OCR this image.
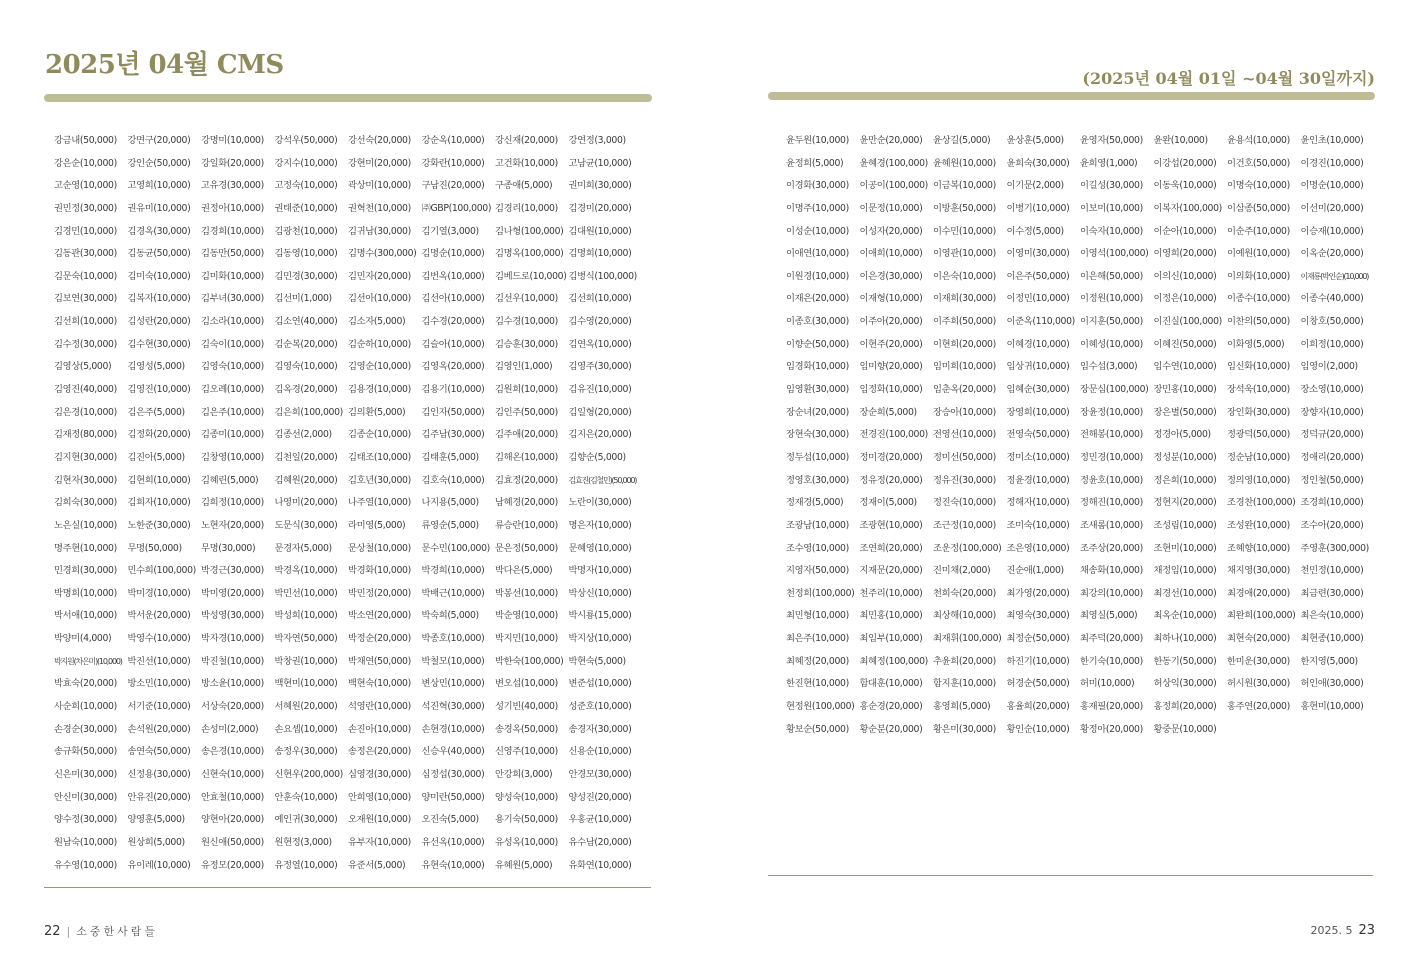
2025년 04월 CMS
강금내(50,000)	강면구(20,000)	강명미(10,000)	강석우(50,000)	강선숙(20,000)	강순옥(10,000)	강신재(20,000)	강연정(3,000)
강은순(10,000)	강인순(50,000)	강일화(20,000)	강지수(10,000)	강현미(20,000)	강화란(10,000)	고건화(10,000)	고남균(10,000)
고순영(10,000)	고영희(10,000)	고유경(30,000)	고정숙(10,000)	곽상미(10,000)	구남진(20,000)	구종애(5,000)	권미희(30,000)
권민정(30,000)	권유미(10,000)	권정아(10,000)	권태준(10,000)	권혁천(10,000)	㈜GBP(100,000) 김경리(10,000)	김경미(20,000)
김경민(10,000)	김경옥(30,000)	김경희(10,000)	김광천(10,000)	김귀남(30,000)	김기열(3,000)	김나형(100,000) 김대원(10,000)
김동관(30,000)	김동균(50,000)	김동만(50,000)	김동영(10,000)	김명수(300,000) 김명순(10,000)	김명옥(100,000) 김명희(10,000)
김문숙(10,000)	김미숙(10,000)	김미화(10,000)	김민경(30,000)	김민자(20,000)	김번옥(10,000)	김베드로(10,000) 김병식(100,000)
김보연(30,000)	김복자(10,000)	김부녀(30,000)	김선미(1,000)	김선아(10,000)	김선아(10,000)	김선우(10,000)	김선희(10,000)
김선희(10,000)	김성란(20,000)	김소라(10,000)	김소연(40,000)	김소자(5,000)	김수경(20,000)	김수경(10,000)	김수영(20,000)
김수정(30,000)	김수현(30,000)	김숙이(10,000)	김순복(20,000)	김순하(10,000)	김슬아(10,000)	김승훈(30,000)	김연옥(10,000)
김영상(5,000)	김영성(5,000)	김영숙(10,000)	김영숙(10,000)	김영순(10,000)	김영옥(20,000)	김영인(1,000)	김영주(30,000)
김영진(40,000)	김영진(10,000)	김오례(10,000)	김옥경(20,000)	김용경(10,000)	김용기(10,000)	김원희(10,000)	김유진(10,000)
김은경(10,000)	김은주(5,000)	김은주(10,000)	김은희(100,000) 김의환(5,000)	김인자(50,000)	김인주(50,000)	김일형(20,000)
김재정(80,000)	김정화(20,000)	김종미(10,000)	김종선(2,000)	김종순(10,000)	김주남(30,000)	김주애(20,000)	김지은(20,000)
김지현(30,000)	김진아(5,000)	김창영(10,000)	김천일(20,000)	김태조(10,000)	김태훈(5,000)	김해온(10,000)	김향순(5,000)
김현자(30,000)	김현희(10,000)	김혜린(5,000)	김혜원(20,000)	김호년(30,000)	김호숙(10,000)	김효정(20,000)	김효진(김철민)(50,000)
김희숙(30,000)	김희자(10,000)	김희정(10,000)	나영미(20,000)	나주열(10,000)	나지용(5,000)	남혜경(20,000)	노란이(30,000)
노은실(10,000)	노한준(30,000)	노현자(20,000)	도문식(30,000)	라미영(5,000)	류영순(5,000)	류승란(10,000)	명은자(10,000)
명주현(10,000)	무명(50,000)	무명(30,000)	문경자(5,000)	문상철(10,000)	문수민(100,000) 문은정(50,000)	문혜영(10,000)
민경희(30,000)	민수희(100,000) 박경근(30,000)	박경옥(10,000)	박경화(10,000)	박경희(10,000)	박다은(5,000)	박명자(10,000)
박명희(10,000)	박미경(10,000)	박미영(20,000)	박민선(10,000)	박민정(20,000)	박배근(10,000)	박봉선(10,000)	박상신(10,000)
박서애(10,000)	박서운(20,000)	박성영(30,000)	박성희(10,000)	박소연(20,000)	박숙희(5,000)	박순영(10,000)	박시룡(15,000)
박양미(4,000)	박영수(10,000)	박자경(10,000)	박자연(50,000)	박정순(20,000)	박종호(10,000)	박지민(10,000)	박지상(10,000)
박지원(차은미)(10,000) 박진선(10,000)	박진철(10,000)	박창권(10,000)	박채연(50,000)	박철모(10,000)	박한숙(100,000) 박현숙(5,000)
박효숙(20,000)	방소민(10,000)	방소윤(10,000)	백현미(10,000)	백현숙(10,000)	변상민(10,000)	변오섭(10,000)	변준섭(10,000)
사순희(10,000)	서기준(10,000)	서상숙(20,000)	서혜원(20,000)	석영란(10,000)	석진혁(30,000)	성기빈(40,000)	성준호(10,000)
손경순(30,000)	손석원(20,000)	손성미(2,000)	손요셉(10,000)	손진아(10,000)	손현경(10,000)	송경옥(50,000)	송경자(30,000)
송규화(50,000)	송연숙(50,000)	송은경(10,000)	송정우(30,000)	송정은(20,000)	신승우(40,000)	신영주(10,000)	신용순(10,000)
신은미(30,000)	신정용(30,000)	신현숙(10,000)	신현우(200,000) 심영경(30,000)	심정섭(30,000)	안강희(3,000)	안경모(30,000)
안신미(30,000)	안유진(20,000)	안효철(10,000)	안훈숙(10,000)	안희영(10,000)	양미란(50,000)	양성숙(10,000)	양성진(20,000)
양수정(30,000)	양영훈(5,000)	양현아(20,000)	예인귀(30,000)	오재원(10,000)	오진숙(5,000)	용기숙(50,000)	우홍균(10,000)
원남숙(10,000)	원상희(5,000)	원신애(50,000)	원현정(3,000)	유부자(10,000)	유선옥(10,000)	유성옥(10,000)	유수남(20,000)
유수영(10,000)	유이레(10,000)	유정모(20,000)	유정열(10,000)	유준서(5,000)	유현숙(10,000)	유혜원(5,000)	유화연(10,000)
22 | 소중한사람들
(2025년 04월 01일 ~04월 30일까지)
윤두원(10,000)	윤만순(20,000)	윤상길(5,000)	윤상훈(5,000)	윤영자(50,000)	윤완(10,000)	윤용석(10,000)	윤인초(10,000)
윤정희(5,000)	윤혜경(100,000) 윤혜원(10,000)	윤희숙(30,000)	윤희영(1,000)	이강섭(20,000)	이건호(50,000)	이경진(10,000)
이경화(30,000)	이공이(100,000) 이금복(10,000)	이기문(2,000)	이길성(30,000)	이동욱(10,000)	이명숙(10,000)	이명순(10,000)
이명주(10,000)	이문정(10,000)	이방훈(50,000)	이병기(10,000)	이보미(10,000)	이복자(100,000) 이삼종(50,000)	이선미(20,000)
이성순(10,000)	이성자(20,000)	이수민(10,000)	이수정(5,000)	이숙자(10,000)	이순아(10,000)	이순주(10,000)	이승재(10,000)
이애연(10,000)	이애희(10,000)	이영관(10,000)	이영미(30,000)	이영석(100,000) 이영희(20,000)	이예원(10,000)	이옥순(20,000)
이원경(10,000)	이은경(30,000)	이은숙(10,000)	이은주(50,000)	이은해(50,000)	이의신(10,000)	이의화(10,000)	이재룡(박인순)(10,000)
이재은(20,000)	이재형(10,000)	이재희(30,000)	이정민(10,000)	이정원(10,000)	이정은(10,000)	이종수(10,000)	이종수(40,000)
이종호(30,000)	이주아(20,000)	이주희(50,000)	이준옥(110,000) 이지훈(50,000)	이진실(100,000) 이찬의(50,000)	이창호(50,000)
이향순(50,000)	이현주(20,000)	이현희(20,000)	이혜경(10,000)	이혜성(10,000)	이혜진(50,000)	이화영(5,000)	이희정(10,000)
임경화(10,000)	임미향(20,000)	임미희(10,000)	임상귀(10,000)	임수섭(3,000)	임수연(10,000)	임신화(10,000)	임영이(2,000)
임영환(30,000)	임정화(10,000)	임춘옥(20,000)	임혜순(30,000)	장문심(100,000) 장민홍(10,000)	장석욱(10,000)	장소영(10,000)
장순녀(20,000)	장순희(5,000)	장승아(10,000)	장영희(10,000)	장윤정(10,000)	장은별(50,000)	장인화(30,000)	장향자(10,000)
장현숙(30,000)	전경진(100,000) 전영선(10,000)	전영숙(50,000)	전해봉(10,000)	정경아(5,000)	정광덕(50,000)	정덕규(20,000)
정두섭(10,000)	정미경(20,000)	정미선(50,000)	정미소(10,000)	정민경(10,000)	정성분(10,000)	정순남(10,000)	정애리(20,000)
정영호(30,000)	정유정(20,000)	정유진(30,000)	정윤경(10,000)	정윤호(10,000)	정은희(10,000)	정의영(10,000)	정인철(50,000)
정재경(5,000)	정재이(5,000)	정진숙(10,000)	정해자(10,000)	정해진(10,000)	정현지(20,000)	조경찬(100,000) 조경희(10,000)
조광남(10,000)	조광현(10,000)	조근정(10,000)	조미숙(10,000)	조새롬(10,000)	조성림(10,000)	조성완(10,000)	조수아(20,000)
조수영(10,000)	조연희(20,000)	조운정(100,000) 조은영(10,000)	조주상(20,000)	조현미(10,000)	조혜향(10,000)	주영훈(300,000)
지영자(50,000)	지재문(20,000)	진미채(2,000)	진순애(1,000)	채송화(10,000)	채정임(10,000)	채지영(30,000)	천민정(10,000)
천정희(100,000) 천주리(10,000)	천희숙(20,000)	최가영(20,000)	최강의(10,000)	최경선(10,000)	최경애(20,000)	최금련(30,000)
최민형(10,000)	최민홍(10,000)	최상해(10,000)	최영숙(30,000)	최영실(5,000)	최옥순(10,000)	최완희(100,000) 최은숙(10,000)
최은주(10,000)	최임부(10,000)	최재휘(100,000) 최정순(50,000)	최주덕(20,000)	최하나(10,000)	최현숙(20,000)	최현종(10,000)
최혜정(20,000)	최혜정(100,000) 추윤희(20,000)	하진기(10,000)	한기숙(10,000)	한동기(50,000)	한미운(30,000)	한지영(5,000)
한진현(10,000)	함대훈(10,000)	함지훈(10,000)	허경순(50,000)	허미(10,000)	허상익(30,000)	허시원(30,000)	허인애(30,000)
현정원(100,000) 홍순경(20,000)	홍영희(5,000)	홍율희(20,000)	홍재필(20,000)	홍정희(20,000)	홍주연(20,000)	홍현미(10,000)
황보순(50,000)	황순분(20,000)	황은미(30,000)	황인순(10,000)	황정아(20,000)	황중문(10,000)
2025. 5 23
